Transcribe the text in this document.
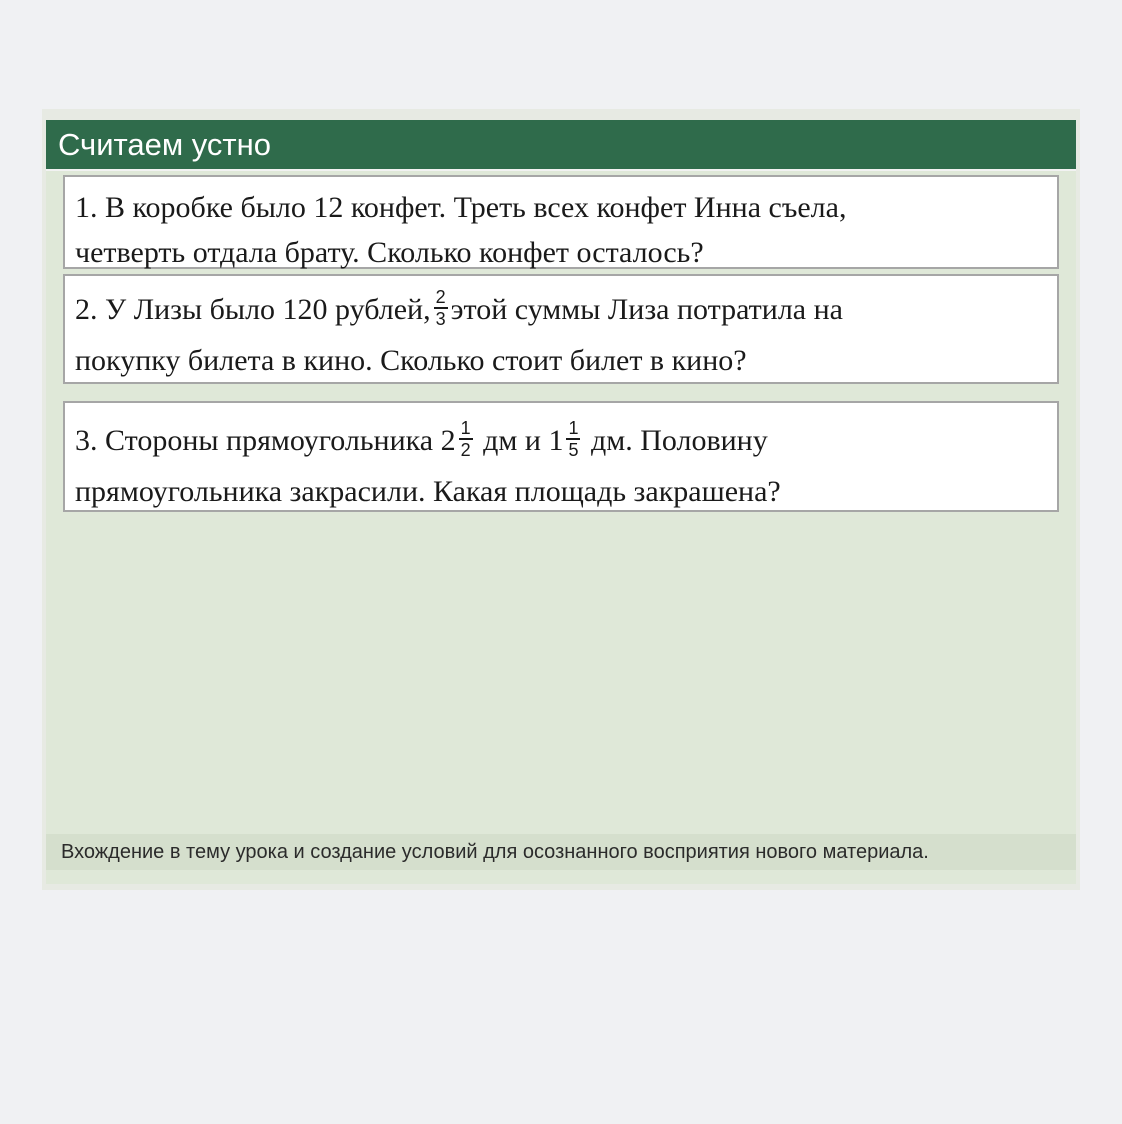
Считаем устно
1. В коробке было 12 конфет. Треть всех конфет Инна съела,
четверть отдала брату. Сколько конфет осталось?
2. У Лизы было 120 рублей, $\frac{2}{3}$ этой суммы Лиза потратила на
покупку билета в кино. Сколько стоит билет в кино?
3. Стороны прямоугольника $2 \frac{1}{2}$ дм и $1 \frac{1}{5}$ дм. Половину
прямоугольника закрасили. Какая площадь закрашена?
Вхождение в тему урока и создание условий для осознанного восприятия нового материала.
